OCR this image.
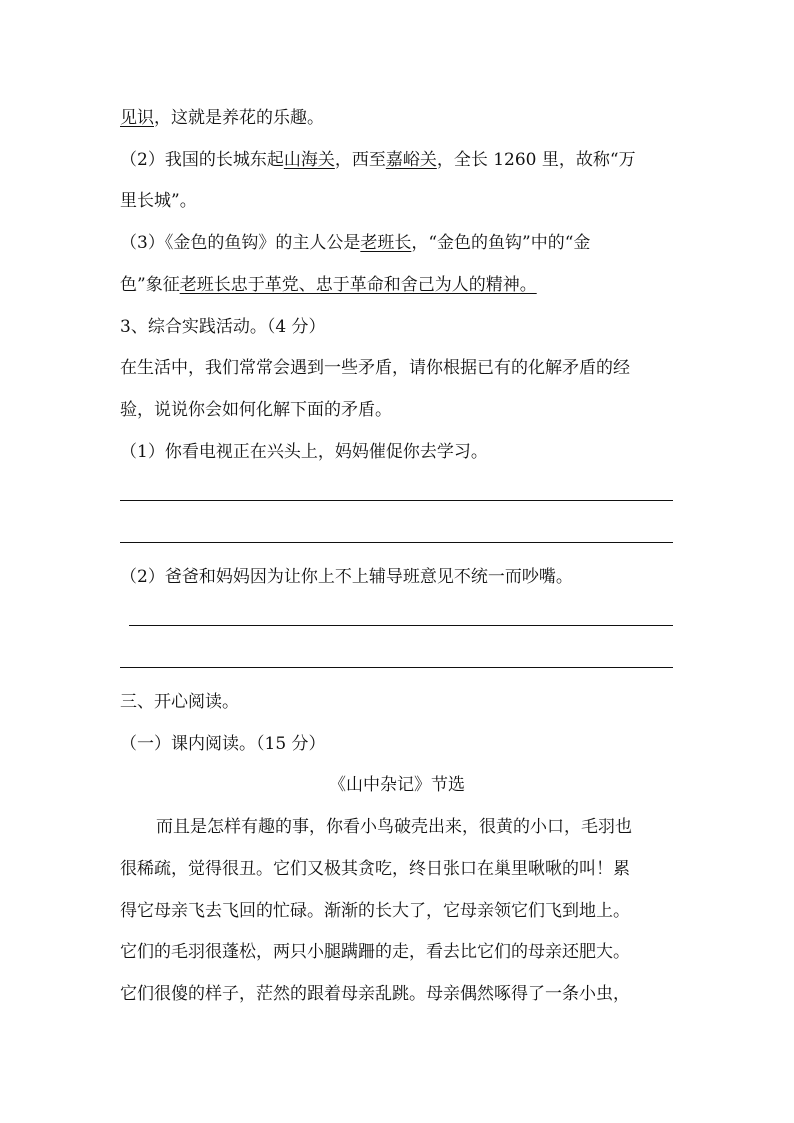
见识，这就是养花的乐趣。
（2）我国的长城东起山海关，西至嘉峪关，全长 1260 里，故称“万
里长城”。
（3）《金色的鱼钩》的主人公是老班长，“金色的鱼钩”中的“金
色”象征老班长忠于革党、忠于革命和舍己为人的精神。
3、综合实践活动。（4 分）
在生活中，我们常常会遇到一些矛盾，请你根据已有的化解矛盾的经
验，说说你会如何化解下面的矛盾。
（1）你看电视正在兴头上，妈妈催促你去学习。
（2）爸爸和妈妈因为让你上不上辅导班意见不统一而吵嘴。
三、开心阅读。
（一）课内阅读。（15 分）
《山中杂记》节选
而且是怎样有趣的事，你看小鸟破壳出来，很黄的小口，毛羽也
很稀疏，觉得很丑。它们又极其贪吃，终日张口在巢里啾啾的叫！累
得它母亲飞去飞回的忙碌。渐渐的长大了，它母亲领它们飞到地上。
它们的毛羽很蓬松，两只小腿蹒跚的走，看去比它们的母亲还肥大。
它们很傻的样子，茫然的跟着母亲乱跳。母亲偶然啄得了一条小虫，
